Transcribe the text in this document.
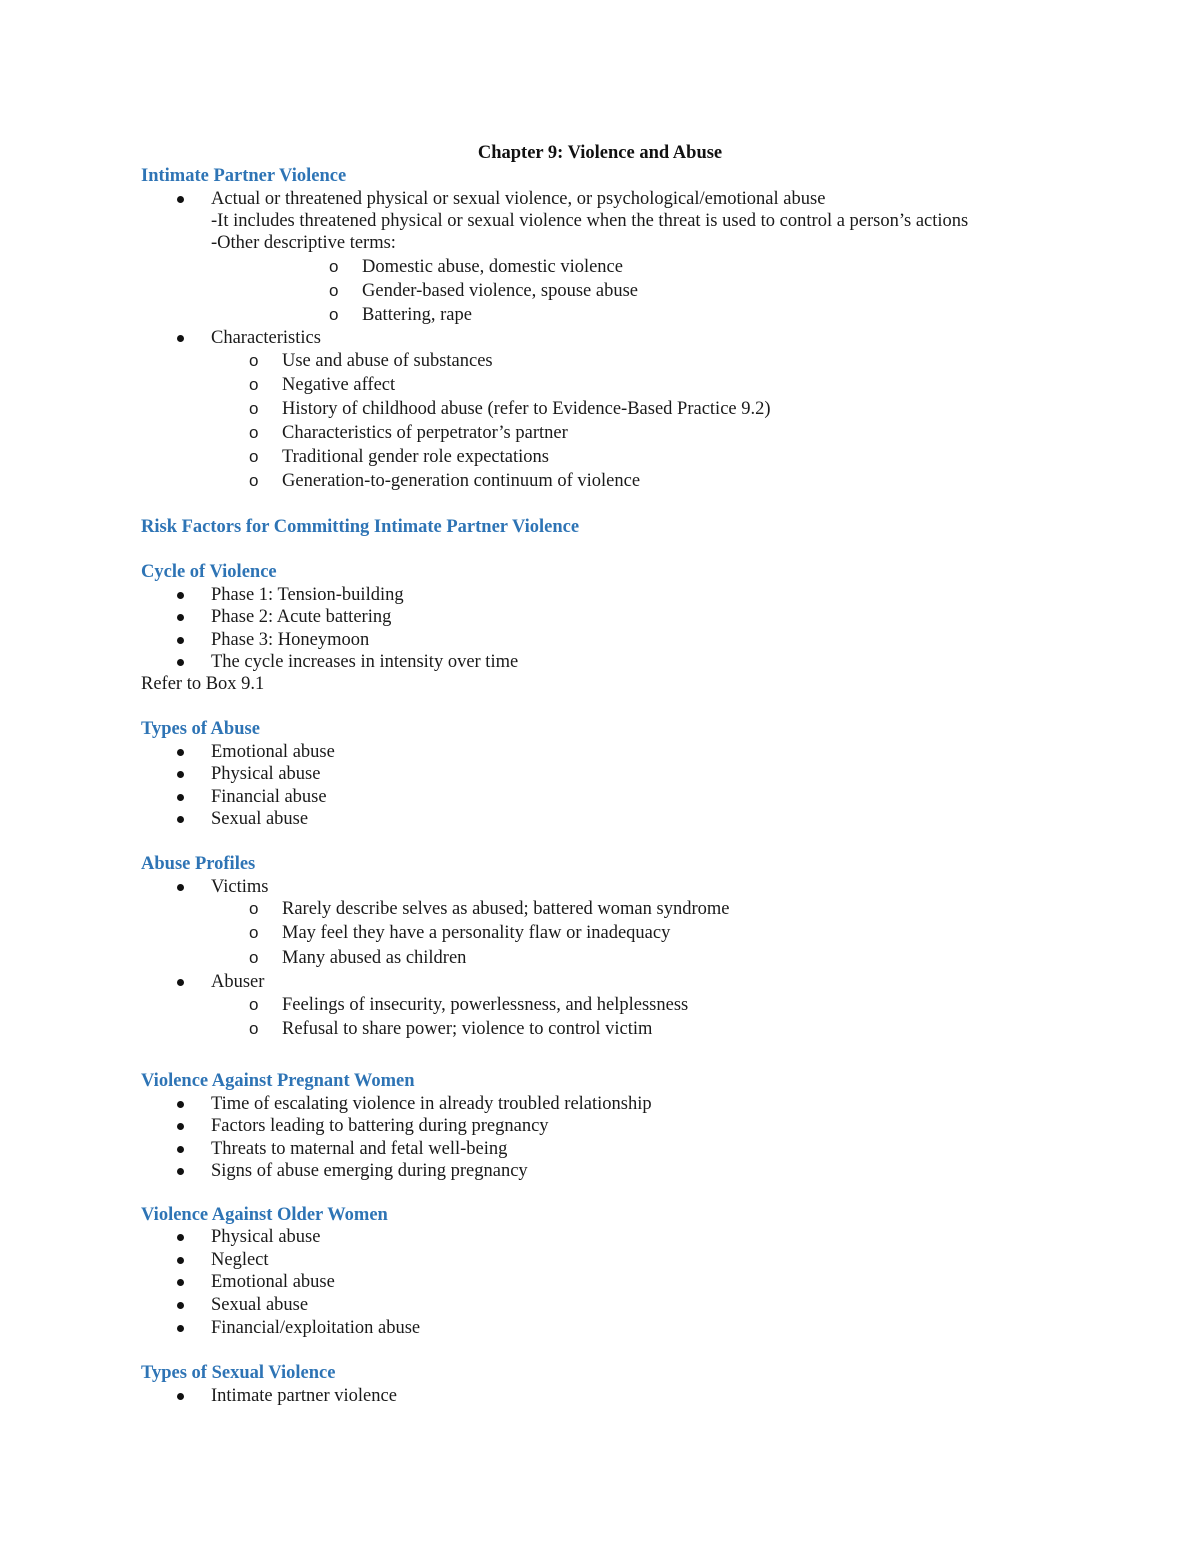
Chapter 9: Violence and Abuse
Intimate Partner Violence
Actual or threatened physical or sexual violence, or psychological/emotional abuse
-It includes threatened physical or sexual violence when the threat is used to control a person’s actions
-Other descriptive terms:
o Domestic abuse, domestic violence
o Gender-based violence, spouse abuse
o Battering, rape
Characteristics
o Use and abuse of substances
o Negative affect
o History of childhood abuse (refer to Evidence-Based Practice 9.2)
o Characteristics of perpetrator’s partner
o Traditional gender role expectations
o Generation-to-generation continuum of violence
Risk Factors for Committing Intimate Partner Violence
Cycle of Violence
Phase 1: Tension-building
Phase 2: Acute battering
Phase 3: Honeymoon
The cycle increases in intensity over time
Refer to Box 9.1
Types of Abuse
Emotional abuse
Physical abuse
Financial abuse
Sexual abuse
Abuse Profiles
Victims
o Rarely describe selves as abused; battered woman syndrome
o May feel they have a personality flaw or inadequacy
o Many abused as children
Abuser
o Feelings of insecurity, powerlessness, and helplessness
o Refusal to share power; violence to control victim
Violence Against Pregnant Women
Time of escalating violence in already troubled relationship
Factors leading to battering during pregnancy
Threats to maternal and fetal well-being
Signs of abuse emerging during pregnancy
Violence Against Older Women
Physical abuse
Neglect
Emotional abuse
Sexual abuse
Financial/exploitation abuse
Types of Sexual Violence
Intimate partner violence
